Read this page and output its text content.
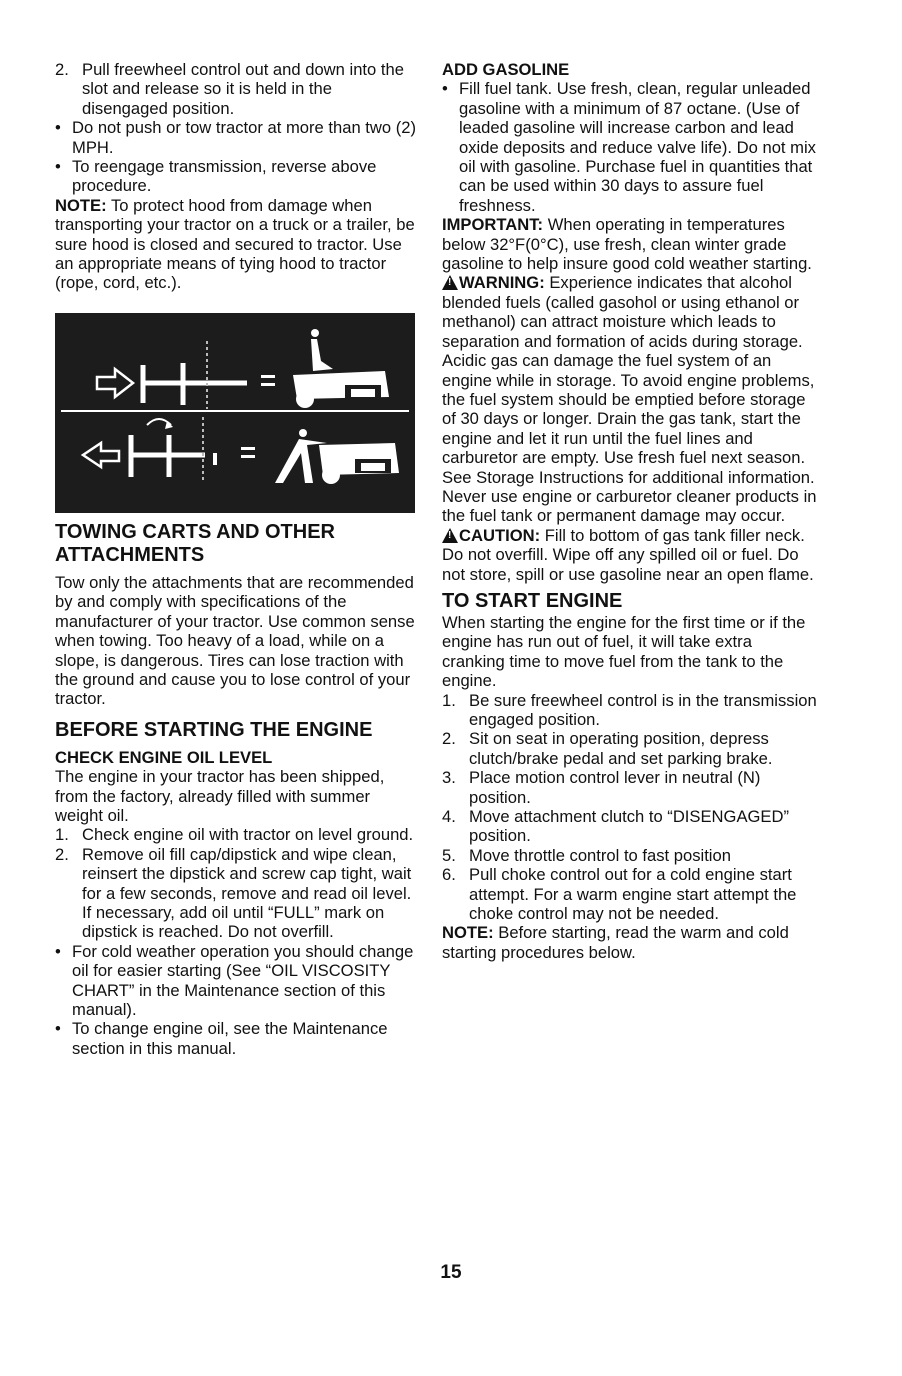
2. Pull freewheel control out and down into the slot and release so it is held in the disengaged position.
• Do not push or tow tractor at more than two (2) MPH.
• To reengage transmission, reverse above procedure.

NOTE: To protect hood from damage when transporting your tractor on a truck or a trailer, be sure hood is closed and secured to tractor. Use an appropriate means of tying hood to tractor (rope, cord, etc.).

TOWING CARTS AND OTHER ATTACHMENTS

Tow only the attachments that are recommended by and comply with specifications of the manufacturer of your tractor. Use common sense when towing. Too heavy of a load, while on a slope, is dangerous. Tires can lose traction with the ground and cause you to lose control of your tractor.

BEFORE STARTING THE ENGINE
CHECK ENGINE OIL LEVEL

The engine in your tractor has been shipped, from the factory, already filled with summer weight oil.

1. Check engine oil with tractor on level ground.
2. Remove oil fill cap/dipstick and wipe clean, reinsert the dipstick and screw cap tight, wait for a few seconds, remove and read oil level. If necessary, add oil until “FULL” mark on dipstick is reached. Do not overfill.
• For cold weather operation you should change oil for easier starting (See “OIL VISCOSITY CHART” in the Maintenance section of this manual).
• To change engine oil, see the Maintenance section in this manual.
ADD GASOLINE
• Fill fuel tank. Use fresh, clean, regular unleaded gasoline with a minimum of 87 octane. (Use of leaded gasoline will increase carbon and lead oxide deposits and reduce valve life). Do not mix oil with gasoline. Purchase fuel in quantities that can be used within 30 days to assure fuel freshness.

IMPORTANT: When operating in temperatures below 32°F(0°C), use fresh, clean winter grade gasoline to help insure good cold weather starting.

!WARNING: Experience indicates that alcohol blended fuels (called gasohol or using ethanol or methanol) can attract moisture which leads to separation and formation of acids during storage. Acidic gas can damage the fuel system of an engine while in storage. To avoid engine problems, the fuel system should be emptied before storage of 30 days or longer. Drain the gas tank, start the engine and let it run until the fuel lines and carburetor are empty. Use fresh fuel next season. See Storage Instructions for additional information. Never use engine or carburetor cleaner products in the fuel tank or permanent damage may occur.

!CAUTION: Fill to bottom of gas tank filler neck. Do not overfill. Wipe off any spilled oil or fuel. Do not store, spill or use gasoline near an open flame.

TO START ENGINE

When starting the engine for the first time or if the engine has run out of fuel, it will take extra cranking time to move fuel from the tank to the engine.

1. Be sure freewheel control is in the transmission engaged position.
2. Sit on seat in operating position, depress clutch/brake pedal and set parking brake.
3. Place motion control lever in neutral (N) position.
4. Move attachment clutch to “DISENGAGED” position.
5. Move throttle control to fast position
6. Pull choke control out for a cold engine start attempt. For a warm engine start attempt the choke control may not be needed.

NOTE: Before starting, read the warm and cold starting procedures below.

15
